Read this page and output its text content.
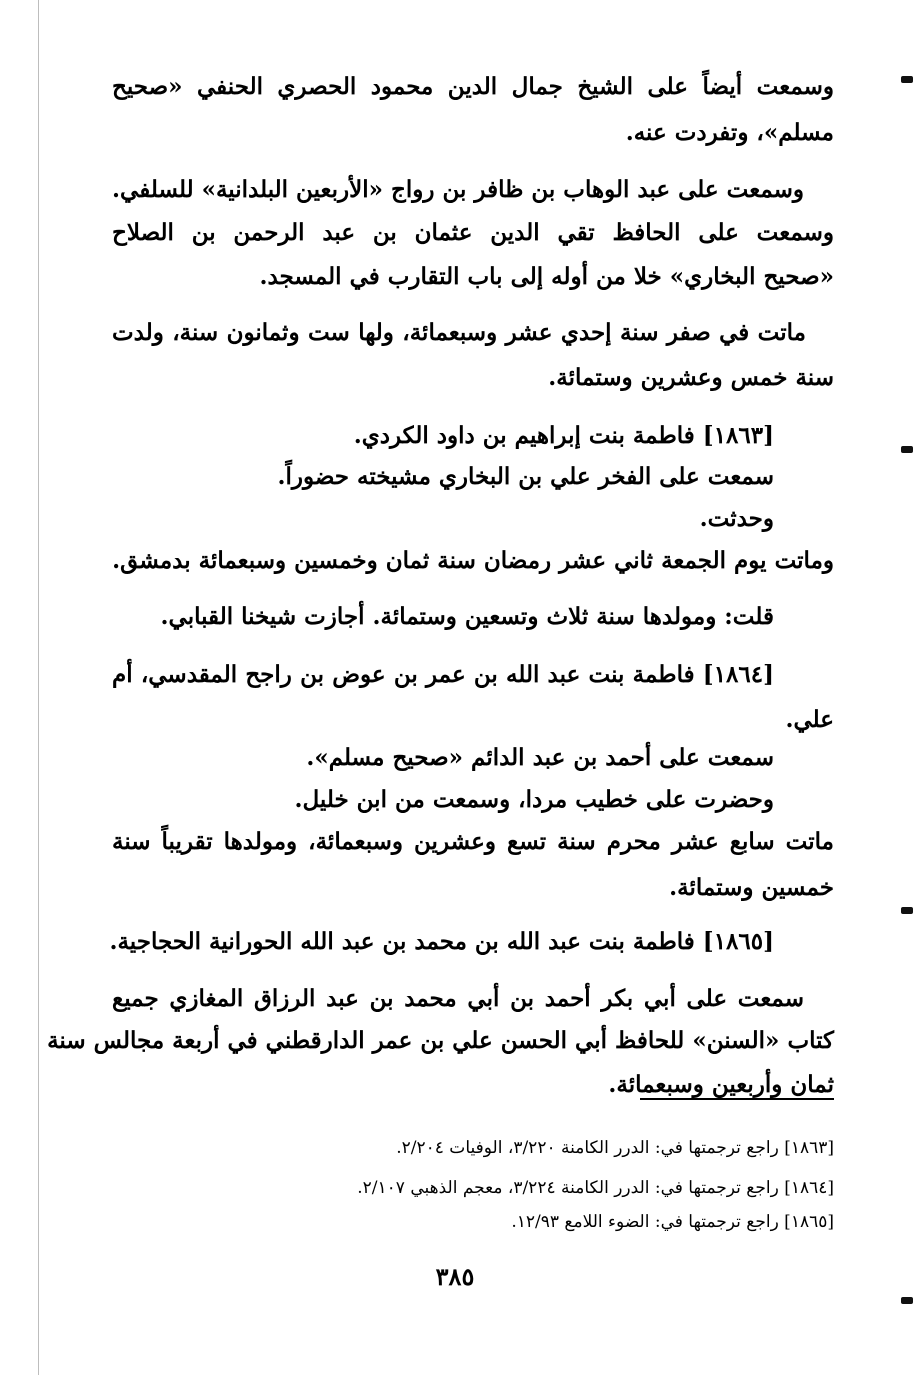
وسمعت أيضاً على الشيخ جمال الدين محمود الحصري الحنفي «صحيح
مسلم»، وتفردت عنه.
وسمعت على عبد الوهاب بن ظافر بن رواج «الأربعين البلدانية» للسلفي.
وسمعت على الحافظ تقي الدين عثمان بن عبد الرحمن بن الصلاح
«صحيح البخاري» خلا من أوله إلى باب التقارب في المسجد.
ماتت في صفر سنة إحدي عشر وسبعمائة، ولها ست وثمانون سنة، ولدت
سنة خمس وعشرين وستمائة.
[١٨٦٣] فاطمة بنت إبراهيم بن داود الكردي.
سمعت على الفخر علي بن البخاري مشيخته حضوراً.
وحدثت.
وماتت يوم الجمعة ثاني عشر رمضان سنة ثمان وخمسين وسبعمائة بدمشق.
قلت: ومولدها سنة ثلاث وتسعين وستمائة. أجازت شيخنا القبابي.
[١٨٦٤] فاطمة بنت عبد الله بن عمر بن عوض بن راجح المقدسي، أم
علي.
سمعت على أحمد بن عبد الدائم «صحيح مسلم».
وحضرت على خطيب مردا، وسمعت من ابن خليل.
ماتت سابع عشر محرم سنة تسع وعشرين وسبعمائة، ومولدها تقريباً سنة
خمسين وستمائة.
[١٨٦٥] فاطمة بنت عبد الله بن محمد بن عبد الله الحورانية الحجاجية.
سمعت على أبي بكر أحمد بن أبي محمد بن عبد الرزاق المغازي جميع
كتاب «السنن» للحافظ أبي الحسن علي بن عمر الدارقطني في أربعة مجالس سنة
ثمان وأربعين وسبعمائة.
[١٨٦٣] راجع ترجمتها في: الدرر الكامنة ٣/٢٢٠، الوفيات ٢/٢٠٤.
[١٨٦٤] راجع ترجمتها في: الدرر الكامنة ٣/٢٢٤، معجم الذهبي ٢/١٠٧.
[١٨٦٥] راجع ترجمتها في: الضوء اللامع ١٢/٩٣.
٣٨٥
